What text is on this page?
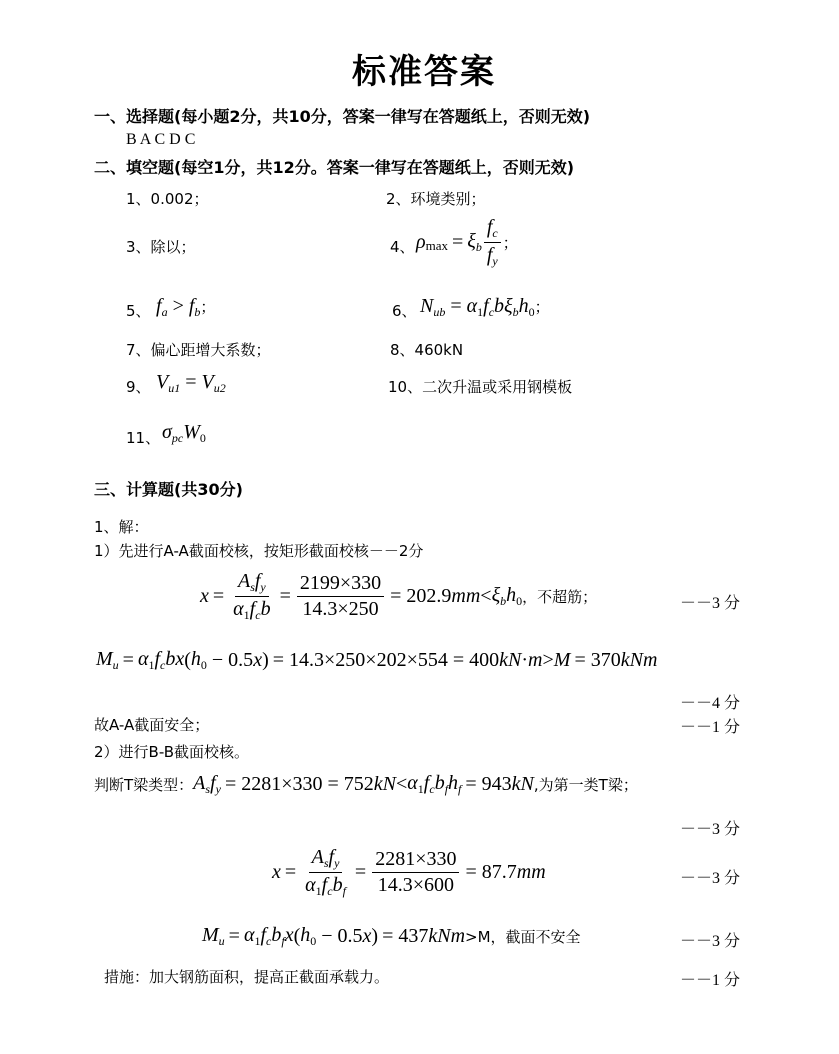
标准答案
一、选择题(每小题2分，共10分，答案一律写在答题纸上，否则无效)
B A C D C
二、填空题(每空1分，共12分。答案一律写在答题纸上，否则无效)
1、0.002；	2、环境类别；
3、除以；	4、 ρ $\max = \xi_b \frac{f_c}{f_y}$ ；
5、 $f_a > f_b$；	6、 $N_{ub} = \alpha_1f_cb\xi_bh_0$；
7、偏心距增大系数；	8、460kN
9、 $V_{u1} = V_{u2}$	10、二次升温或采用钢模板
11、 $\sigma_{pc}W_0$
三、计算题(共30分)
1、解：
1）先进行A-A截面校核，按矩形截面校核－－2分
$x = \frac{A_sf_y}{\alpha_1f_cb} = \frac{2199\times 330}{14.3\times 250} = 202.9$ mm < $\xi_bh_0$ ，不超筋；	－－3 分
$M_u = \alpha_1f_cbx$ ( $h_0 - 0.5$ x ) = 14.3×250×202×554 = 400 kN · m > M = 370 kNm
－－4 分
故A-A截面安全；	－－1 分
2）进行B-B截面校核。
判断T梁类型： $A_sf_y = 2281\times 330 = 752$ kN < $\alpha_1f_cb_fh_f = 943$ kN , 为第一类T梁；
－－3 分
$x = \frac{A_sf_y}{\alpha_1f_cb_f} = \frac{2281\times 330}{14.3\times 600} = 87.7$ mm	－－3 分
$M_u = \alpha_1f_cb_fx$ ( $h_0 - 0.5$ x ) = 437 kNm >M，截面不安全	－－3 分
措施：加大钢筋面积，提高正截面承载力。	－－1 分
